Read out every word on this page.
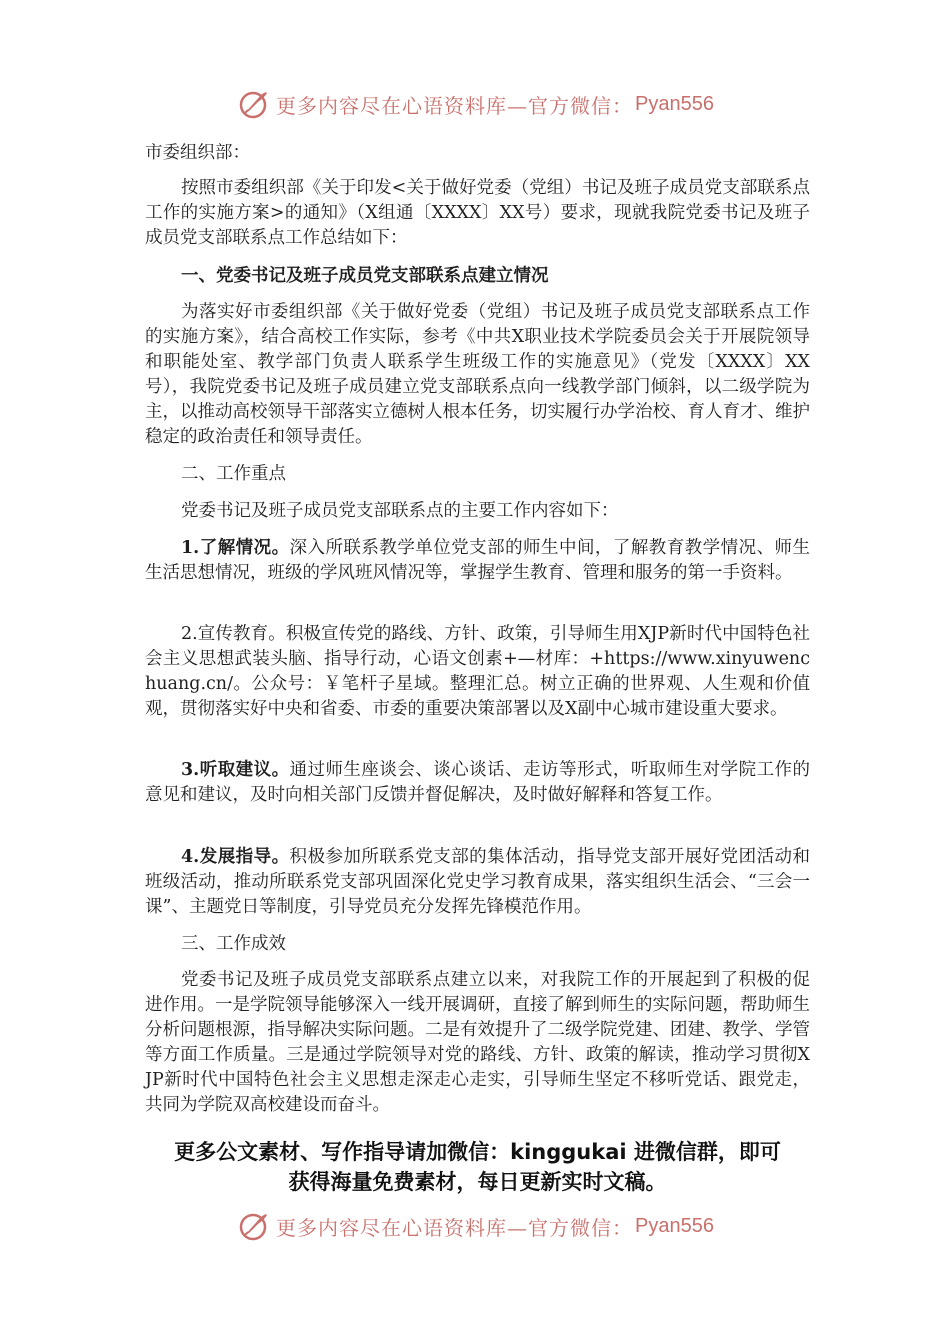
更多内容尽在心语资料库—官方微信： Pyan556

市委组织部：

按照市委组织部《关于印发<关于做好党委（党组）书记及班子成员党支部联系点工作的实施方案>的通知》（X组通〔XXXX〕XX号）要求，现就我院党委书记及班子成员党支部联系点工作总结如下：

一、党委书记及班子成员党支部联系点建立情况

为落实好市委组织部《关于做好党委（党组）书记及班子成员党支部联系点工作的实施方案》，结合高校工作实际，参考《中共X职业技术学院委员会关于开展院领导和职能处室、教学部门负责人联系学生班级工作的实施意见》（党发〔XXXX〕XX号），我院党委书记及班子成员建立党支部联系点向一线教学部门倾斜，以二级学院为主，以推动高校领导干部落实立德树人根本任务，切实履行办学治校、育人育才、维护稳定的政治责任和领导责任。

二、工作重点

党委书记及班子成员党支部联系点的主要工作内容如下：

1.了解情况。深入所联系教学单位党支部的师生中间，了解教育教学情况、师生生活思想情况，班级的学风班风情况等，掌握学生教育、管理和服务的第一手资料。

2.宣传教育。积极宣传党的路线、方针、政策，引导师生用XJP新时代中国特色社会主义思想武装头脑、指导行动，心语文创素+—材库：+https://www.xinyuwenchuang.cn/。公众号：￥笔杆子星域。整理汇总。树立正确的世界观、人生观和价值观，贯彻落实好中央和省委、市委的重要决策部署以及X副中心城市建设重大要求。

3.听取建议。通过师生座谈会、谈心谈话、走访等形式，听取师生对学院工作的意见和建议，及时向相关部门反馈并督促解决，及时做好解释和答复工作。

4.发展指导。积极参加所联系党支部的集体活动，指导党支部开展好党团活动和班级活动，推动所联系党支部巩固深化党史学习教育成果，落实组织生活会、“三会一课”、主题党日等制度，引导党员充分发挥先锋模范作用。

三、工作成效

党委书记及班子成员党支部联系点建立以来，对我院工作的开展起到了积极的促进作用。一是学院领导能够深入一线开展调研，直接了解到师生的实际问题，帮助师生分析问题根源，指导解决实际问题。二是有效提升了二级学院党建、团建、教学、学管等方面工作质量。三是通过学院领导对党的路线、方针、政策的解读，推动学习贯彻XJP新时代中国特色社会主义思想走深走心走实，引导师生坚定不移听党话、跟党走，共同为学院双高校建设而奋斗。

更多公文素材、写作指导请加微信：kinggukai 进微信群，即可
获得海量免费素材，每日更新实时文稿。
更多内容尽在心语资料库—官方微信： Pyan556
